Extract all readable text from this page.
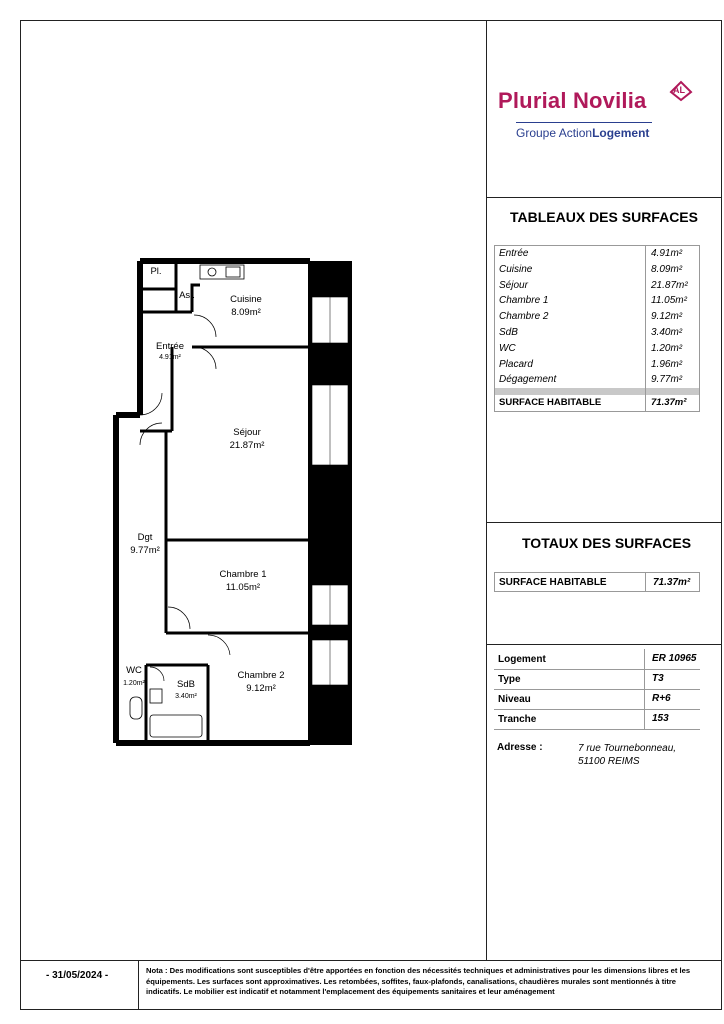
Plurial Novilia	AL
Groupe ActionLogement
TABLEAUX DES SURFACES
Entrée	4.91m²
Cuisine	8.09m²
Séjour	21.87m²
Chambre 1	11.05m²
Chambre 2	9.12m²
SdB	3.40m²
WC	1.20m²
Placard	1.96m²
Dégagement	9.77m²
SURFACE HABITABLE	71.37m²
TOTAUX DES SURFACES
SURFACE HABITABLE	71.37m²
Logement	ER 10965
Type	T3
Niveau	R+6
Tranche	153
Adresse :	7 rue Tournebonneau,
51100 REIMS
- 31/05/2024 -	Nota : Des modifications sont susceptibles d'être apportées en fonction des nécessités techniques et administratives pour les dimensions libres et les équipements. Les surfaces sont approximatives. Les retombées, soffites, faux-plafonds, canalisations, chaudières murales sont mentionnés à titre indicatifs. Le mobilier est indicatif et notamment l'emplacement des équipements sanitaires et leur aménagement
Pl.
Asl.	Cuisine
8.09m²
Entrée
4.91m²
Séjour
21.87m²
Dgt
9.77m²
Chambre 1
11.05m²
Chambre 2
9.12m²
WC
1.20m²	SdB
3.40m²
